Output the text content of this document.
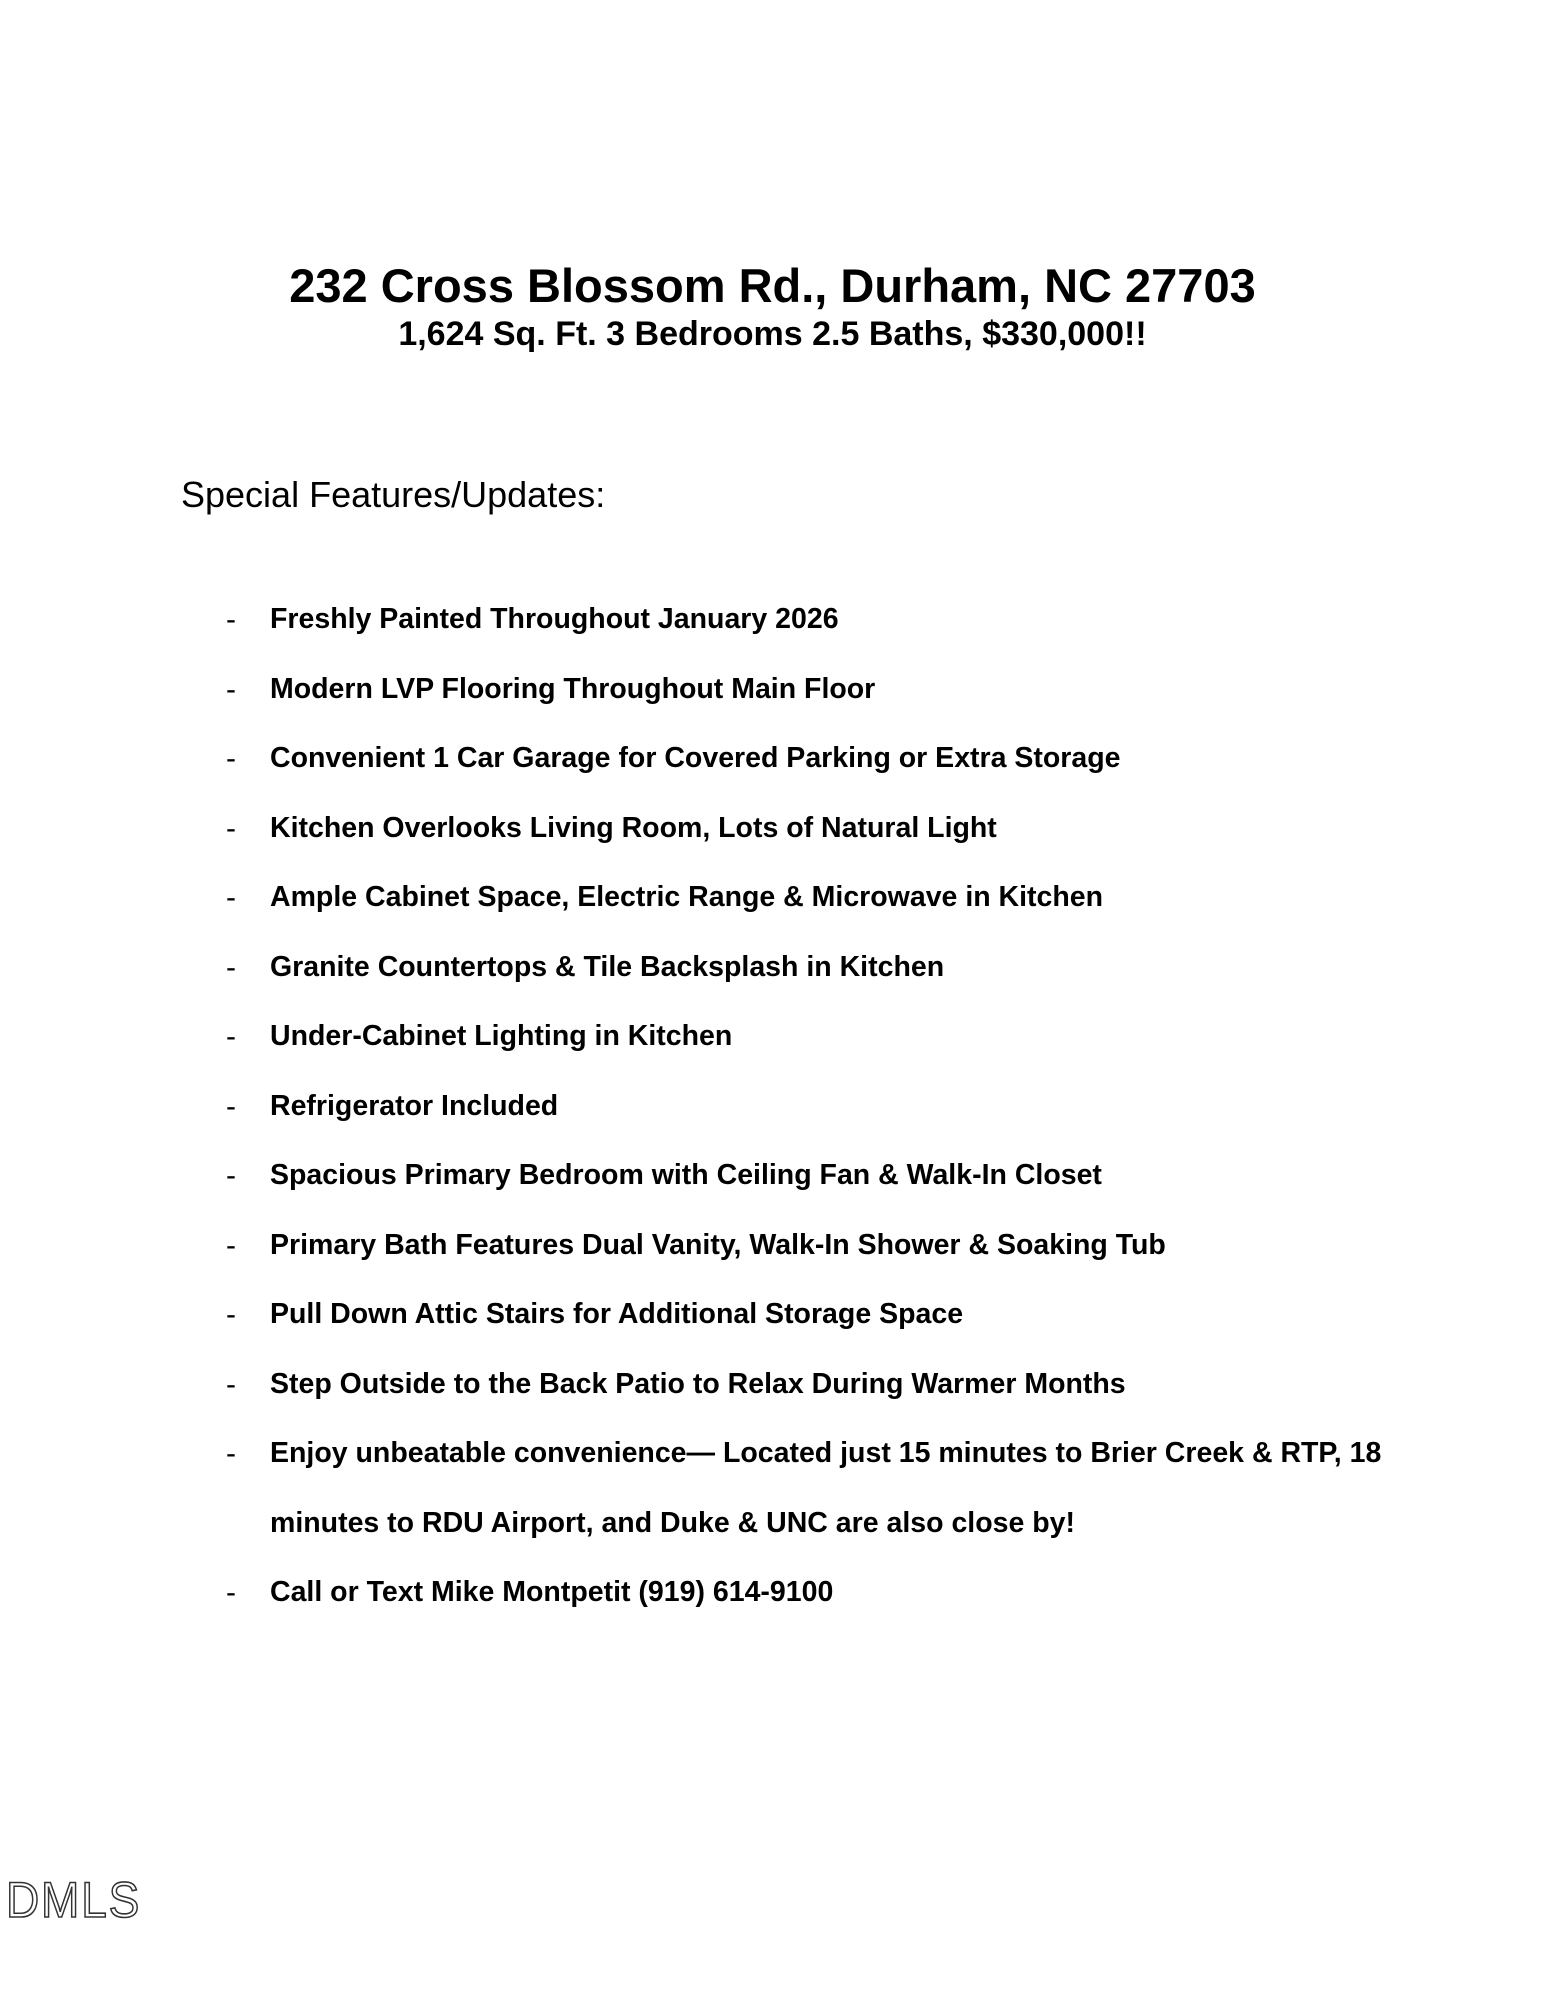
232 Cross Blossom Rd., Durham, NC 27703
1,624 Sq. Ft. 3 Bedrooms 2.5 Baths, $330,000!!
Special Features/Updates:
- Freshly Painted Throughout January 2026
- Modern LVP Flooring Throughout Main Floor
- Convenient 1 Car Garage for Covered Parking or Extra Storage
- Kitchen Overlooks Living Room, Lots of Natural Light
- Ample Cabinet Space, Electric Range & Microwave in Kitchen
- Granite Countertops & Tile Backsplash in Kitchen
- Under-Cabinet Lighting in Kitchen
- Refrigerator Included
- Spacious Primary Bedroom with Ceiling Fan & Walk-In Closet
- Primary Bath Features Dual Vanity, Walk-In Shower & Soaking Tub
- Pull Down Attic Stairs for Additional Storage Space
- Step Outside to the Back Patio to Relax During Warmer Months
- Enjoy unbeatable convenience— Located just 15 minutes to Brier Creek & RTP, 18 minutes to RDU Airport, and Duke & UNC are also close by!
- Call or Text Mike Montpetit (919) 614-9100
DMLS
